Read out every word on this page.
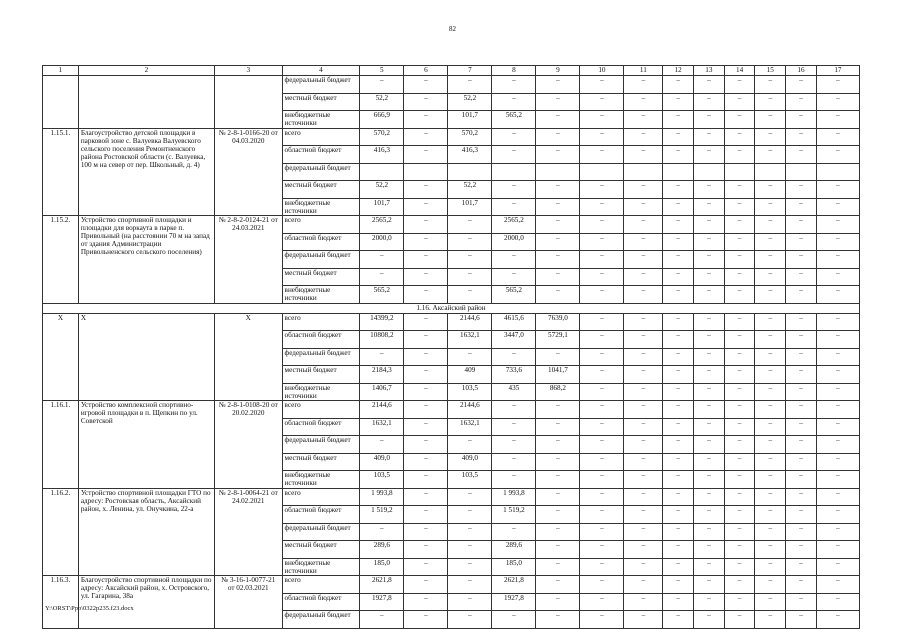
82
1	2	3	4	5	6	7	8	9	10	11	12	13	14	15	16	17
			федеральный бюджет	–	–	–	–	–	–	–	–	–	–	–	–	–
			местный бюджет	52,2	–	52,2	–	–	–	–	–	–	–	–	–	–
			внебюджетные источники	666,9	–	101,7	565,2	–	–	–	–	–	–	–	–	–
1.15.1.	Благоустройство детской площадки в парковой зоне с. Валуевка Валуевского сельского поселения Ремонтненского района Ростовской области (с. Валуевка, 100 м на север от пер. Школьный, д. 4)	№ 2-8-1-0166-20 от 04.03.2020	всего	570,2	–	570,2	–	–	–	–	–	–	–	–	–	–
			областной бюджет	416,3	–	416,3	–	–	–	–	–	–	–	–	–	–
			федеральный бюджет													
			местный бюджет	52,2	–	52,2	–	–	–	–	–	–	–	–	–	–
			внебюджетные источники	101,7	–	101,7	–	–	–	–	–	–	–	–	–	–
1.15.2.	Устройство спортивной площадки и площадки для воркаута в парке п. Привольный (на расстоянии 70 м на запад от здания Администрации Привольненского сельского поселения)	№ 2-8-2-0124-21 от 24.03.2021	всего	2565,2	–	–	2565,2	–	–	–	–	–	–	–	–	–
			областной бюджет	2000,0	–	–	2000,0	–	–	–	–	–	–	–	–	–
			федеральный бюджет	–	–	–	–	–	–	–	–	–	–	–	–	–
			местный бюджет	–	–	–	–	–	–	–	–	–	–	–	–	–
			внебюджетные источники	565,2	–	–	565,2	–	–	–	–	–	–	–	–	–
1.16. Аксайский район																
X	X	X	всего	14399,2	–	2144,6	4615,6	7639,0	–	–	–	–	–	–	–	–
			областной бюджет	10808,2	–	1632,1	3447,0	5729,1	–	–	–	–	–	–	–	–
			федеральный бюджет	–	–	–	–	–	–	–	–	–	–	–	–	–
			местный бюджет	2184,3	–	409	733,6	1041,7	–	–	–	–	–	–	–	–
			внебюджетные источники	1406,7	–	103,5	435	868,2	–	–	–	–	–	–	–	–
1.16.1.	Устройство комплексной спортивно-игровой площадки в п. Щепкин по ул. Советской	№ 2-8-1-0108-20 от 20.02.2020	всего	2144,6	–	2144,6	–	–	–	–	–	–	–	–	–	–
			областной бюджет	1632,1	–	1632,1	–	–	–	–	–	–	–	–	–	–
			федеральный бюджет	–	–	–	–	–	–	–	–	–	–	–	–	–
			местный бюджет	409,0	–	409,0	–	–	–	–	–	–	–	–	–	–
			внебюджетные источники	103,5	–	103,5	–	–	–	–	–	–	–	–	–	–
1.16.2.	Устройство спортивной площадки ГТО по адресу: Ростовская область, Аксайский район, х. Ленина, ул. Онучкина, 22-а	№ 2-8-1-0064-21 от 24.02.2021	всего	1 993,8	–	–	1 993,8	–	–	–	–	–	–	–	–	–
			областной бюджет	1 519,2	–	–	1 519,2	–	–	–	–	–	–	–	–	–
			федеральный бюджет	–	–	–	–	–	–	–	–	–	–	–	–	–
			местный бюджет	289,6	–	–	289,6	–	–	–	–	–	–	–	–	–
			внебюджетные источники	185,0	–	–	185,0	–	–	–	–	–	–	–	–	–
1.16.3.	Благоустройство спортивной площадки по адресу: Аксайский район, х. Островского, ул. Гагарина, 38а	№ 3-16-1-0077-21 от 02.03.2021	всего	2621,8	–	–	2621,8	–	–	–	–	–	–	–	–	–
			областной бюджет	1927,8	–	–	1927,8	–	–	–	–	–	–	–	–	–
			федеральный бюджет	–	–	–	–	–	–	–	–	–	–	–	–	–
Y:\ORST\Ppo\0322p235.f23.docx
